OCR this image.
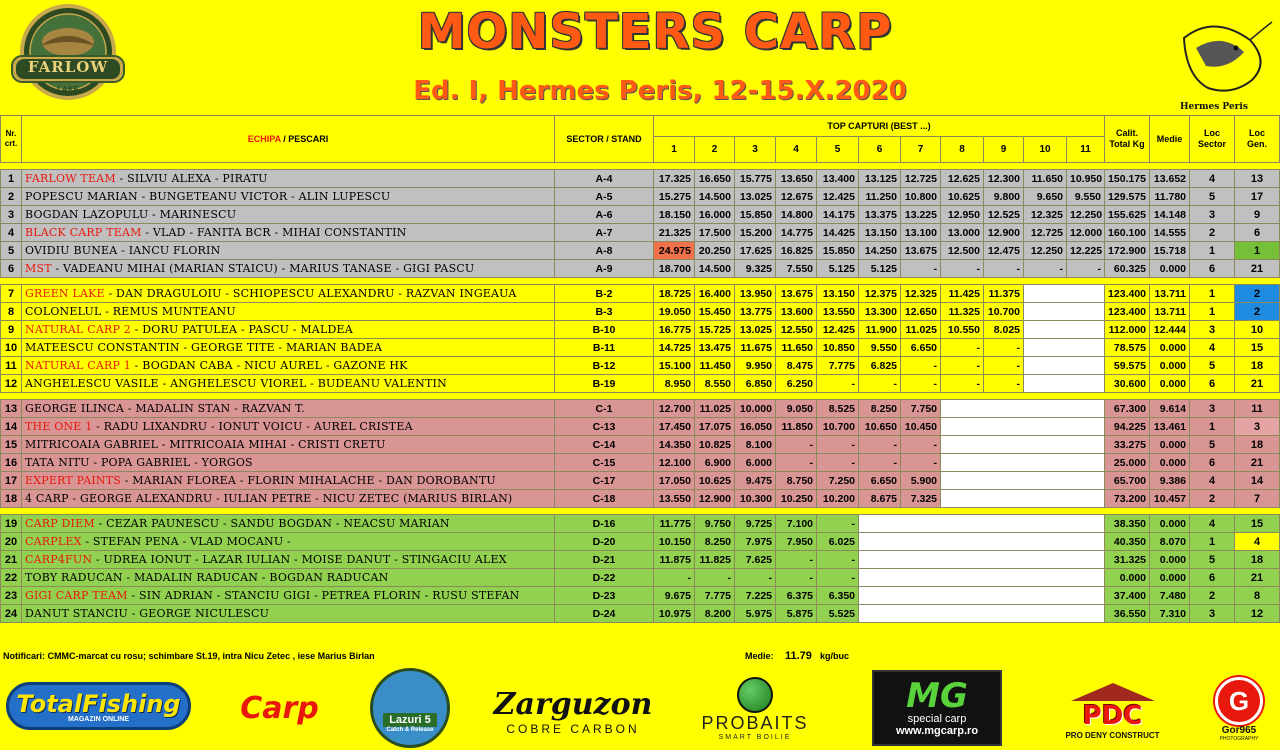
FARLOW
LAKE
MONSTERS CARP
Ed. I, Hermes Peris, 12-15.X.2020
Hermes Peris
Nr. crt.	ECHIPA / PESCARI	SECTOR / STAND	TOP CAPTURI (BEST ...)											Calit. Total Kg	Medie	Loc Sector	Loc Gen.
			1	2	3	4	5	6	7	8	9	10	11				

1	FARLOW TEAM - SILVIU ALEXA - PIRATU	A-4	17.325	16.650	15.775	13.650	13.400	13.125	12.725	12.625	12.300	11.650	10.950	150.175	13.652	4	13
2	POPESCU MARIAN - BUNGETEANU VICTOR - ALIN LUPESCU	A-5	15.275	14.500	13.025	12.675	12.425	11.250	10.800	10.625	9.800	9.650	9.550	129.575	11.780	5	17
3	BOGDAN LAZOPULU - MARINESCU	A-6	18.150	16.000	15.850	14.800	14.175	13.375	13.225	12.950	12.525	12.325	12.250	155.625	14.148	3	9
4	BLACK CARP TEAM - VLAD - FANITA BCR - MIHAI CONSTANTIN	A-7	21.325	17.500	15.200	14.775	14.425	13.150	13.100	13.000	12.900	12.725	12.000	160.100	14.555	2	6
5	OVIDIU BUNEA - IANCU FLORIN	A-8	24.975	20.250	17.625	16.825	15.850	14.250	13.675	12.500	12.475	12.250	12.225	172.900	15.718	1	1
6	MST - VADEANU MIHAI (MARIAN STAICU) - MARIUS TANASE - GIGI PASCU	A-9	18.700	14.500	9.325	7.550	5.125	5.125	-	-	-	-	-	60.325	0.000	6	21

7	GREEN LAKE - DAN DRAGULOIU - SCHIOPESCU ALEXANDRU - RAZVAN INGEAUA	B-2	18.725	16.400	13.950	13.675	13.150	12.375	12.325	11.425	11.375			123.400	13.711	1	2
8	COLONELUL - REMUS MUNTEANU	B-3	19.050	15.450	13.775	13.600	13.550	13.300	12.650	11.325	10.700			123.400	13.711	1	2
9	NATURAL CARP 2 - DORU PATULEA - PASCU - MALDEA	B-10	16.775	15.725	13.025	12.550	12.425	11.900	11.025	10.550	8.025			112.000	12.444	3	10
10	MATEESCU CONSTANTIN - GEORGE TITE - MARIAN BADEA	B-11	14.725	13.475	11.675	11.650	10.850	9.550	6.650	-	-			78.575	0.000	4	15
11	NATURAL CARP 1 - BOGDAN CABA - NICU AUREL - GAZONE HK	B-12	15.100	11.450	9.950	8.475	7.775	6.825	-	-	-			59.575	0.000	5	18
12	ANGHELESCU VASILE - ANGHELESCU VIOREL - BUDEANU VALENTIN	B-19	8.950	8.550	6.850	6.250	-	-	-	-	-			30.600	0.000	6	21

13	GEORGE ILINCA - MADALIN STAN - RAZVAN T.	C-1	12.700	11.025	10.000	9.050	8.525	8.250	7.750					67.300	9.614	3	11
14	THE ONE 1 - RADU LIXANDRU - IONUT VOICU - AUREL CRISTEA	C-13	17.450	17.075	16.050	11.850	10.700	10.650	10.450					94.225	13.461	1	3
15	MITRICOAIA GABRIEL - MITRICOAIA MIHAI - CRISTI CRETU	C-14	14.350	10.825	8.100	-	-	-	-					33.275	0.000	5	18
16	TATA NITU - POPA GABRIEL - YORGOS	C-15	12.100	6.900	6.000	-	-	-	-					25.000	0.000	6	21
17	EXPERT PAINTS - MARIAN FLOREA - FLORIN MIHALACHE - DAN DOROBANTU	C-17	17.050	10.625	9.475	8.750	7.250	6.650	5.900					65.700	9.386	4	14
18	4 CARP - GEORGE ALEXANDRU - IULIAN PETRE - NICU ZETEC (MARIUS BIRLAN)	C-18	13.550	12.900	10.300	10.250	10.200	8.675	7.325					73.200	10.457	2	7

19	CARP DIEM - CEZAR PAUNESCU - SANDU BOGDAN - NEACSU MARIAN	D-16	11.775	9.750	9.725	7.100	-							38.350	0.000	4	15
20	CARPLEX - STEFAN PENA - VLAD MOCANU -	D-20	10.150	8.250	7.975	7.950	6.025							40.350	8.070	1	4
21	CARP4FUN - UDREA IONUT - LAZAR IULIAN - MOISE DANUT - STINGACIU ALEX	D-21	11.875	11.825	7.625	-	-							31.325	0.000	5	18
22	TOBY RADUCAN - MADALIN RADUCAN - BOGDAN RADUCAN	D-22	-	-	-	-	-							0.000	0.000	6	21
23	GIGI CARP TEAM - SIN ADRIAN - STANCIU GIGI - PETREA FLORIN - RUSU STEFAN	D-23	9.675	7.775	7.225	6.375	6.350							37.400	7.480	2	8
24	DANUT STANCIU - GEORGE NICULESCU	D-24	10.975	8.200	5.975	5.875	5.525							36.550	7.310	3	12
Notificari: CMMC-marcat cu rosu; schimbare St.19, intra Nicu Zetec , iese Marius Birlan	Medie: 11.79 kg/buc
TotalFishing
MAGAZIN ONLINE	Carp	Lazuri 5
Catch & Release
Zarguzon
COBRE CARBON	PROBAITS
SMART BOILIE
MG
special carp
www.mgcarp.ro
PDC
PRO DENY CONSTRUCT
G
Gor965
PHOTOGRAPHY
